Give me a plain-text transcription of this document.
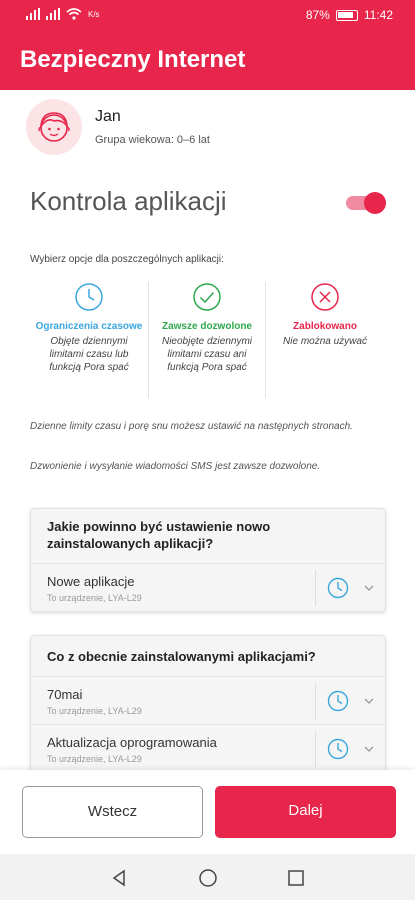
K/s	87%	11:42
Bezpieczny Internet
Jan
Grupa wiekowa: 0–6 lat
Kontrola aplikacji
Wybierz opcje dla poszczególnych aplikacji:
Ograniczenia czasowe
Objęte dziennymi limitami czasu lub funkcją Pora spać
Zawsze dozwolone
Nieobjęte dziennymi limitami czasu ani funkcją Pora spać
Zablokowano
Nie można używać
Dzienne limity czasu i porę snu możesz ustawić na następnych stronach.
Dzwonienie i wysyłanie wiadomości SMS jest zawsze dozwolone.
Jakie powinno być ustawienie nowo zainstalowanych aplikacji?
Nowe aplikacje
To urządzenie, LYA-L29
Co z obecnie zainstalowanymi aplikacjami?
70mai
To urządzenie, LYA-L29
Aktualizacja oprogramowania
To urządzenie, LYA-L29
Wstecz	Dalej
